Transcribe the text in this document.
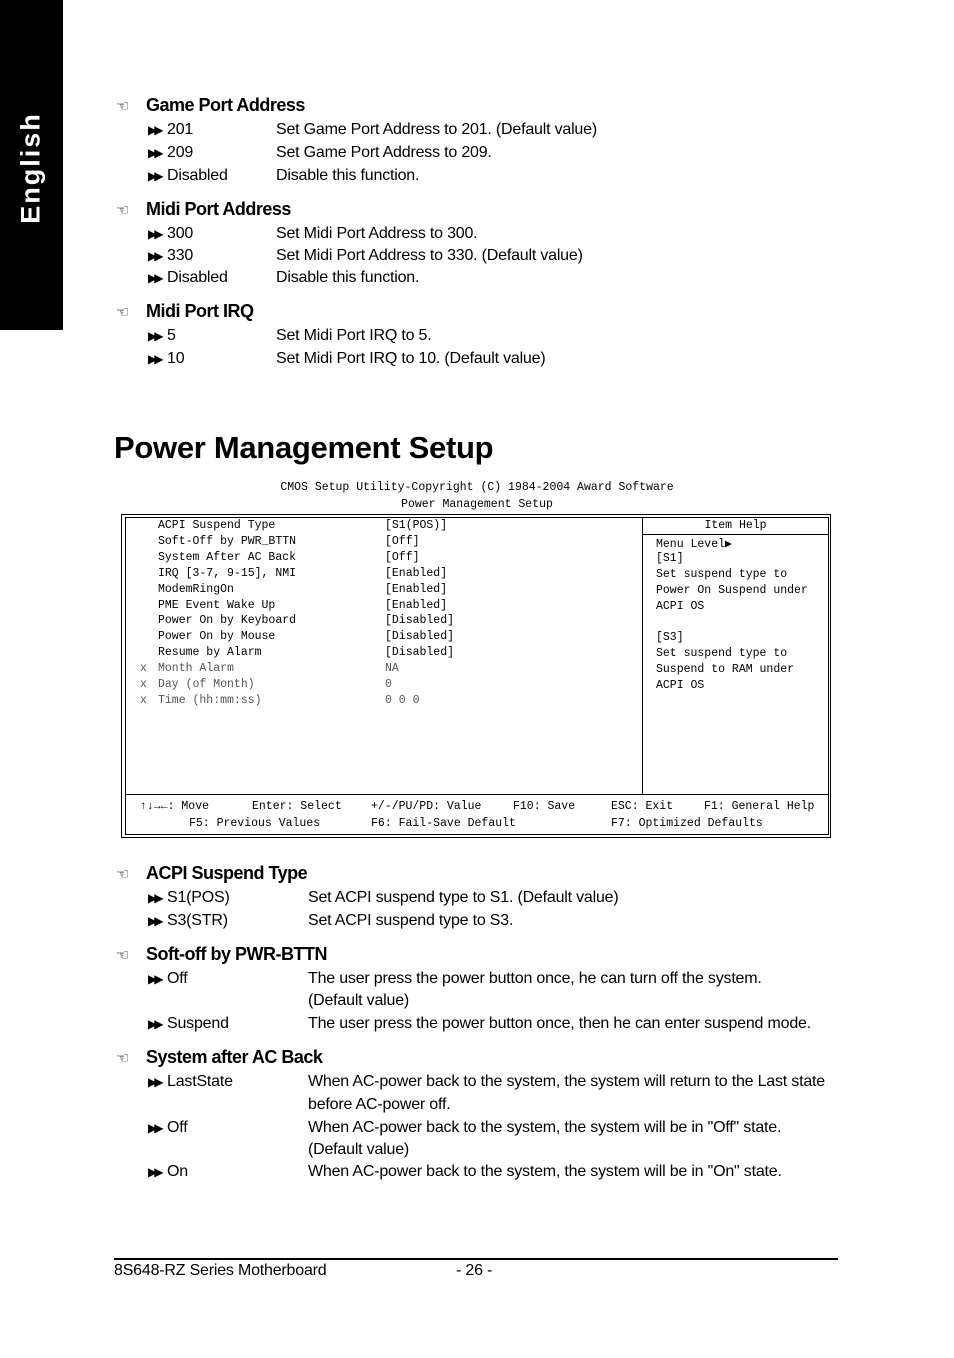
English
☜ Game Port Address
▶▶ 201	Set Game Port Address to 201. (Default value)
▶▶ 209	Set Game Port Address to 209.
▶▶ Disabled	Disable this function.
☜ Midi Port Address
▶▶ 300	Set Midi Port Address to 300.
▶▶ 330	Set Midi Port Address to 330. (Default value)
▶▶ Disabled	Disable this function.
☜ Midi Port IRQ
▶▶ 5	Set Midi Port IRQ to 5.
▶▶ 10	Set Midi Port IRQ to 10. (Default value)
Power Management Setup
CMOS Setup Utility-Copyright (C) 1984-2004 Award Software
Power Management Setup
ACPI Suspend Type	[S1(POS)]
Soft-Off by PWR_BTTN	[Off]
System After AC Back	[Off]
IRQ [3-7, 9-15], NMI	[Enabled]
ModemRingOn	[Enabled]
PME Event Wake Up	[Enabled]
Power On by Keyboard	[Disabled]
Power On by Mouse	[Disabled]
Resume by Alarm	[Disabled]
x Month Alarm	NA
x Day (of Month)	0
x Time (hh:mm:ss)	0 0 0
Item Help
Menu Level▶
[S1]
Set suspend type to
Power On Suspend under
ACPI OS
[S3]
Set suspend type to
Suspend to RAM under
ACPI OS
↑↓→←: Move	Enter: Select	+/-/PU/PD: Value	F10: Save	ESC: Exit	F1: General Help
F5: Previous Values	F6: Fail-Save Default	F7: Optimized Defaults
☜ ACPI Suspend Type
▶▶ S1(POS)	Set ACPI suspend type to S1. (Default value)
▶▶ S3(STR)	Set ACPI suspend type to S3.
☜ Soft-off by PWR-BTTN
▶▶ Off	The user press the power button once, he can turn off the system.
(Default value)
▶▶ Suspend	The user press the power button once, then he can enter suspend mode.
☜ System after AC Back
▶▶ LastState	When AC-power back to the system, the system will return to the Last state
before AC-power off.
▶▶ Off	When AC-power back to the system, the system will be in "Off" state.
(Default value)
▶▶ On	When AC-power back to the system, the system will be in "On" state.
8S648-RZ Series Motherboard	- 26 -
